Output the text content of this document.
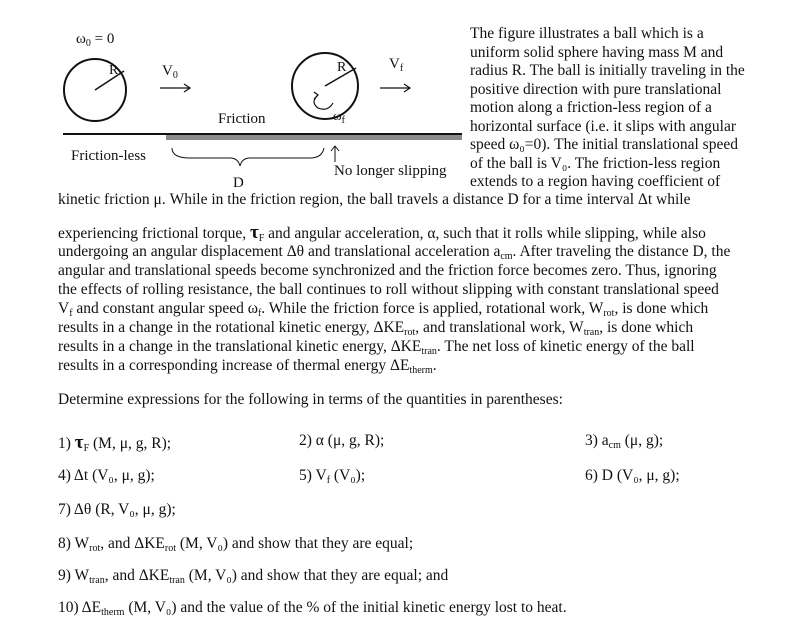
$\omega_0 = 0$
R	$V_0$
R	$V_f$
$\omega_f$
Friction
Friction-less
No longer slipping
D
The figure illustrates a ball which is a
uniform solid sphere having mass M and
radius R. The ball is initially traveling in the
positive direction with pure translational
motion along a friction-less region of a
horizontal surface (i.e. it slips with angular
speed ω₀=0). The initial translational speed
of the ball is V₀. The friction-less region
extends to a region having coefficient of
kinetic friction μ. While in the friction region, the ball travels a distance D for a time interval Δt while
experiencing frictional torque, $\tau_F$ and angular acceleration, α, such that it rolls while slipping, while also
undergoing an angular displacement Δθ and translational acceleration $a_{cm}$. After traveling the distance D, the
angular and translational speeds become synchronized and the friction force becomes zero. Thus, ignoring
the effects of rolling resistance, the ball continues to roll without slipping with constant translational speed
$V_f$ and constant angular speed $\omega_f$. While the friction force is applied, rotational work, $W_{rot}$, is done which
results in a change in the rotational kinetic energy, $\Delta KE_{rot}$, and translational work, $W_{tran}$, is done which
results in a change in the translational kinetic energy, $\Delta KE_{tran}$. The net loss of kinetic energy of the ball
results in a corresponding increase of thermal energy $\Delta E_{therm}$.
Determine expressions for the following in terms of the quantities in parentheses:
1) $\tau_F$ (M, μ, g, R);	2) α (μ, g, R);	3) $a_{cm}$ (μ, g);
4) Δt (V₀, μ, g);	5) $V_f$ (V₀);	6) D (V₀, μ, g);
7) Δθ (R, V₀, μ, g);
8) $W_{rot}$, and $\Delta KE_{rot}$ (M, V₀) and show that they are equal;
9) $W_{tran}$, and $\Delta KE_{tran}$ (M, V₀) and show that they are equal; and
10) $\Delta E_{therm}$ (M, V₀) and the value of the % of the initial kinetic energy lost to heat.
